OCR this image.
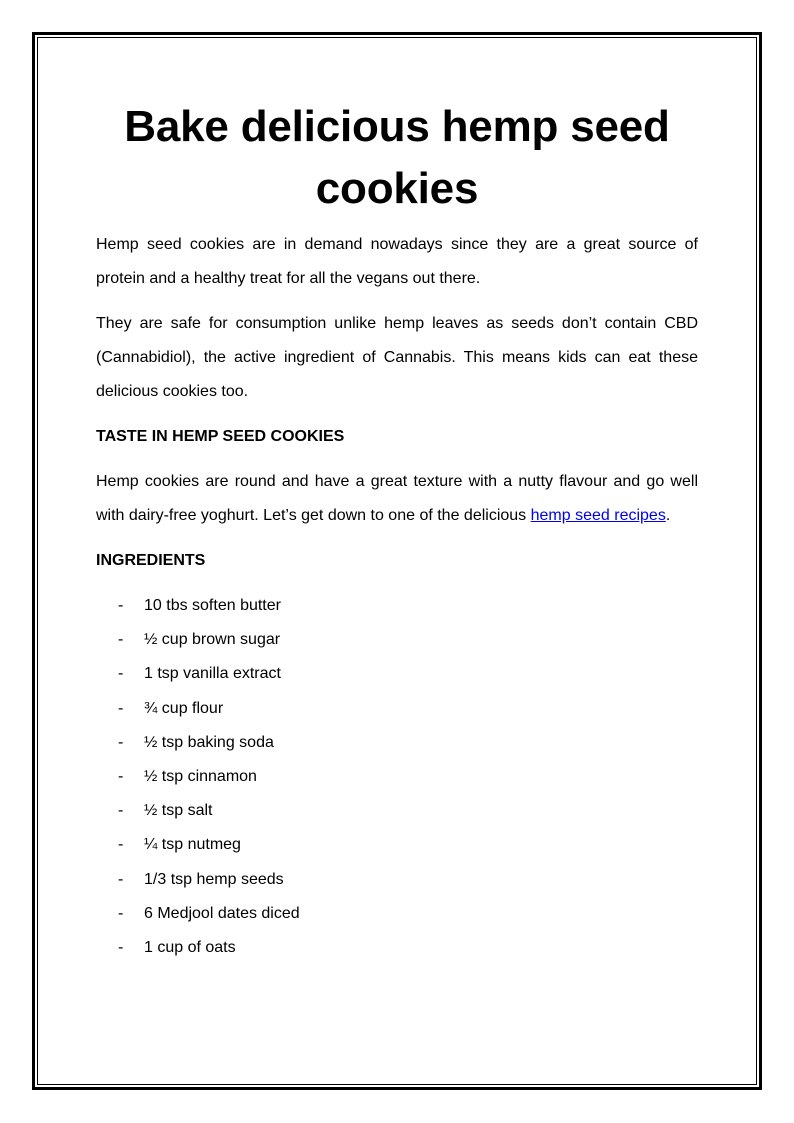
Bake delicious hemp seed cookies

Hemp seed cookies are in demand nowadays since they are a great source of protein and a healthy treat for all the vegans out there.

They are safe for consumption unlike hemp leaves as seeds don’t contain CBD (Cannabidiol), the active ingredient of Cannabis. This means kids can eat these delicious cookies too.

TASTE IN HEMP SEED COOKIES

Hemp cookies are round and have a great texture with a nutty flavour and go well with dairy-free yoghurt. Let’s get down to one of the delicious hemp seed recipes.

INGREDIENTS

- 10 tbs soften butter
- ½ cup brown sugar
- 1 tsp vanilla extract
- ¾ cup flour
- ½ tsp baking soda
- ½ tsp cinnamon
- ½ tsp salt
- ¼ tsp nutmeg
- 1/3 tsp hemp seeds
- 6 Medjool dates diced
- 1 cup of oats
